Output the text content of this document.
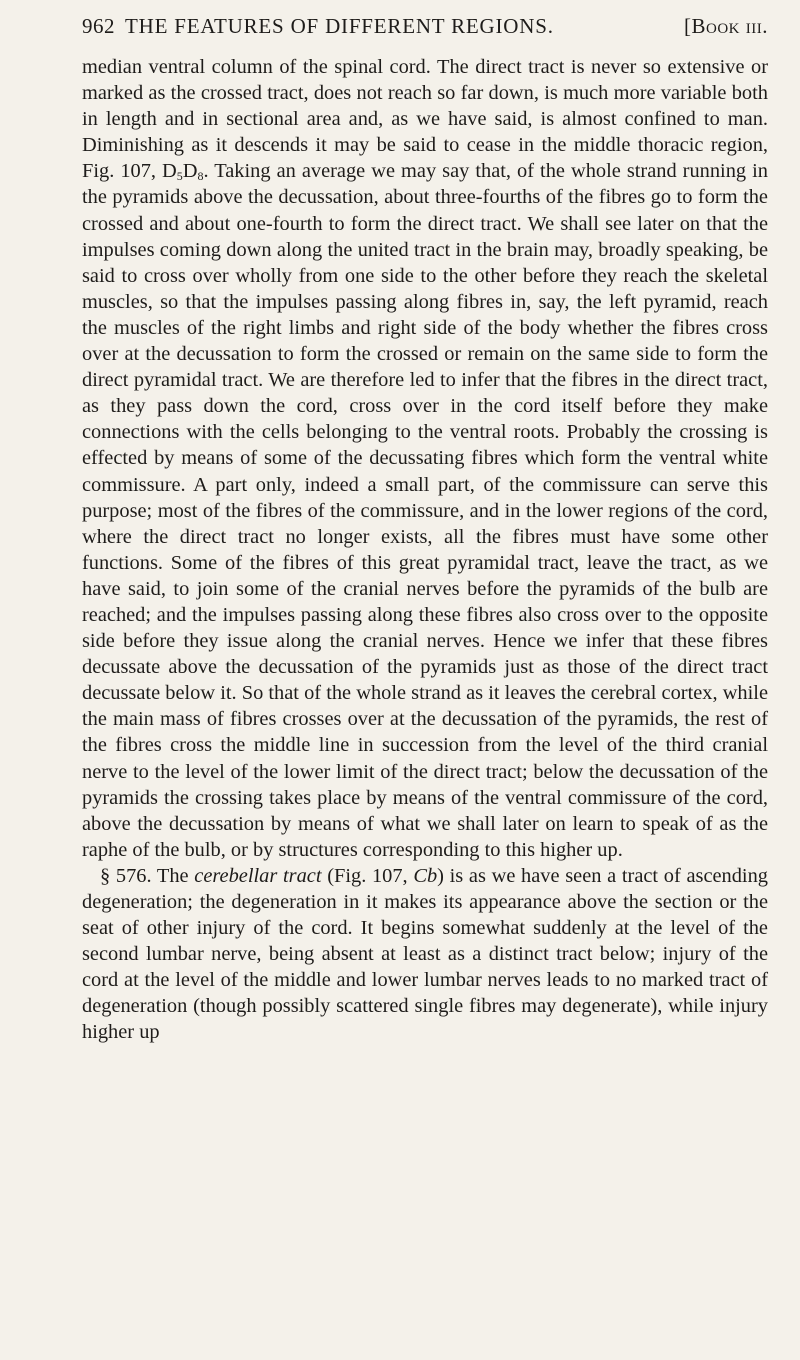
962 THE FEATURES OF DIFFERENT REGIONS.	[Book iii.

median ventral column of the spinal cord. The direct tract is never so extensive or marked as the crossed tract, does not reach so far down, is much more variable both in length and in sectional area and, as we have said, is almost confined to man. Diminishing as it descends it may be said to cease in the middle thoracic region, Fig. 107, $D_5D_8$. Taking an average we may say that, of the whole strand running in the pyramids above the decussation, about three-fourths of the fibres go to form the crossed and about one-fourth to form the direct tract. We shall see later on that the impulses coming down along the united tract in the brain may, broadly speaking, be said to cross over wholly from one side to the other before they reach the skeletal muscles, so that the impulses passing along fibres in, say, the left pyramid, reach the muscles of the right limbs and right side of the body whether the fibres cross over at the decussation to form the crossed or remain on the same side to form the direct pyramidal tract. We are therefore led to infer that the fibres in the direct tract, as they pass down the cord, cross over in the cord itself before they make connections with the cells belonging to the ventral roots. Probably the crossing is effected by means of some of the decussating fibres which form the ventral white commissure. A part only, indeed a small part, of the commissure can serve this purpose; most of the fibres of the commissure, and in the lower regions of the cord, where the direct tract no longer exists, all the fibres must have some other functions. Some of the fibres of this great pyramidal tract, leave the tract, as we have said, to join some of the cranial nerves before the pyramids of the bulb are reached; and the impulses passing along these fibres also cross over to the opposite side before they issue along the cranial nerves. Hence we infer that these fibres decussate above the decussation of the pyramids just as those of the direct tract decussate below it. So that of the whole strand as it leaves the cerebral cortex, while the main mass of fibres crosses over at the decussation of the pyramids, the rest of the fibres cross the middle line in succession from the level of the third cranial nerve to the level of the lower limit of the direct tract; below the decussation of the pyramids the crossing takes place by means of the ventral commissure of the cord, above the decussation by means of what we shall later on learn to speak of as the raphe of the bulb, or by structures corresponding to this higher up.

§ 576. The cerebellar tract (Fig. 107, Cb) is as we have seen a tract of ascending degeneration; the degeneration in it makes its appearance above the section or the seat of other injury of the cord. It begins somewhat suddenly at the level of the second lumbar nerve, being absent at least as a distinct tract below; injury of the cord at the level of the middle and lower lumbar nerves leads to no marked tract of degeneration (though possibly scattered single fibres may degenerate), while injury higher up
